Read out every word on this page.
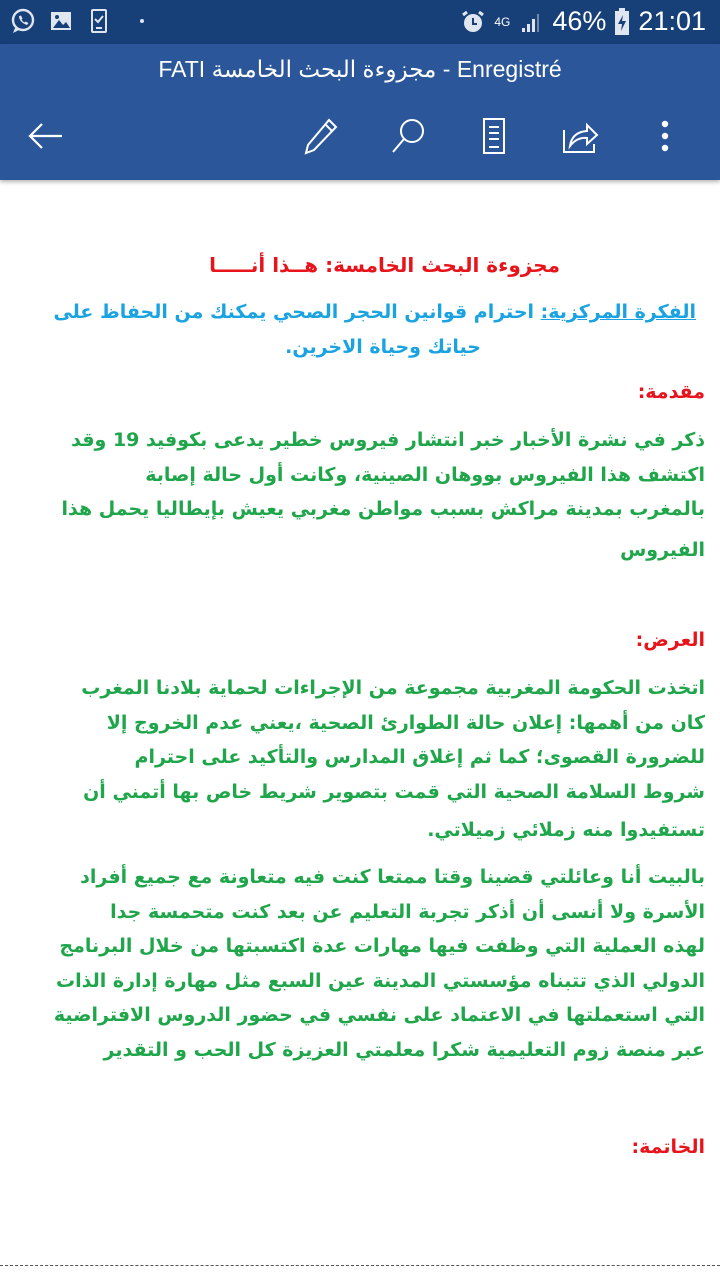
4G 46% 21:01
FATI مجزوءة البحث الخامسة - Enregistré
مجزوءة البحث الخامسة: هــذا أنـــــا
الفكرة المركزية: احترام قوانين الحجر الصحي يمكنك من الحفاظ على
حياتك وحياة الاخرين.
مقدمة:
ذكر في نشرة الأخبار خبر انتشار فيروس خطير يدعى بكوفيد 19 وقد
اكتشف هذا الفيروس بووهان الصينية، وكانت أول حالة إصابة
بالمغرب بمدينة مراكش بسبب مواطن مغربي يعيش بإيطاليا يحمل هذا
الفيروس
العرض:
اتخذت الحكومة المغربية مجموعة من الإجراءات لحماية بلادنا المغرب
كان من أهمها: إعلان حالة الطوارئ الصحية ،يعني عدم الخروج إلا
للضرورة القصوى؛ كما ثم إغلاق المدارس والتأكيد على احترام
شروط السلامة الصحية التي قمت بتصوير شريط خاص بها أتمني أن
تستفيدوا منه زملائي زميلاتي.
بالبيت أنا وعائلتي قضينا وقتا ممتعا كنت فيه متعاونة مع جميع أفراد
الأسرة ولا أنسى أن أذكر تجربة التعليم عن بعد كنت متحمسة جدا
لهذه العملية التي وظفت فيها مهارات عدة اكتسبتها من خلال البرنامج
الدولي الذي تتبناه مؤسستي المدينة عين السبع مثل مهارة إدارة الذات
التي استعملتها في الاعتماد على نفسي في حضور الدروس الافتراضية
عبر منصة زوم التعليمية شكرا معلمتي العزيزة كل الحب و التقدير
الخاتمة:
